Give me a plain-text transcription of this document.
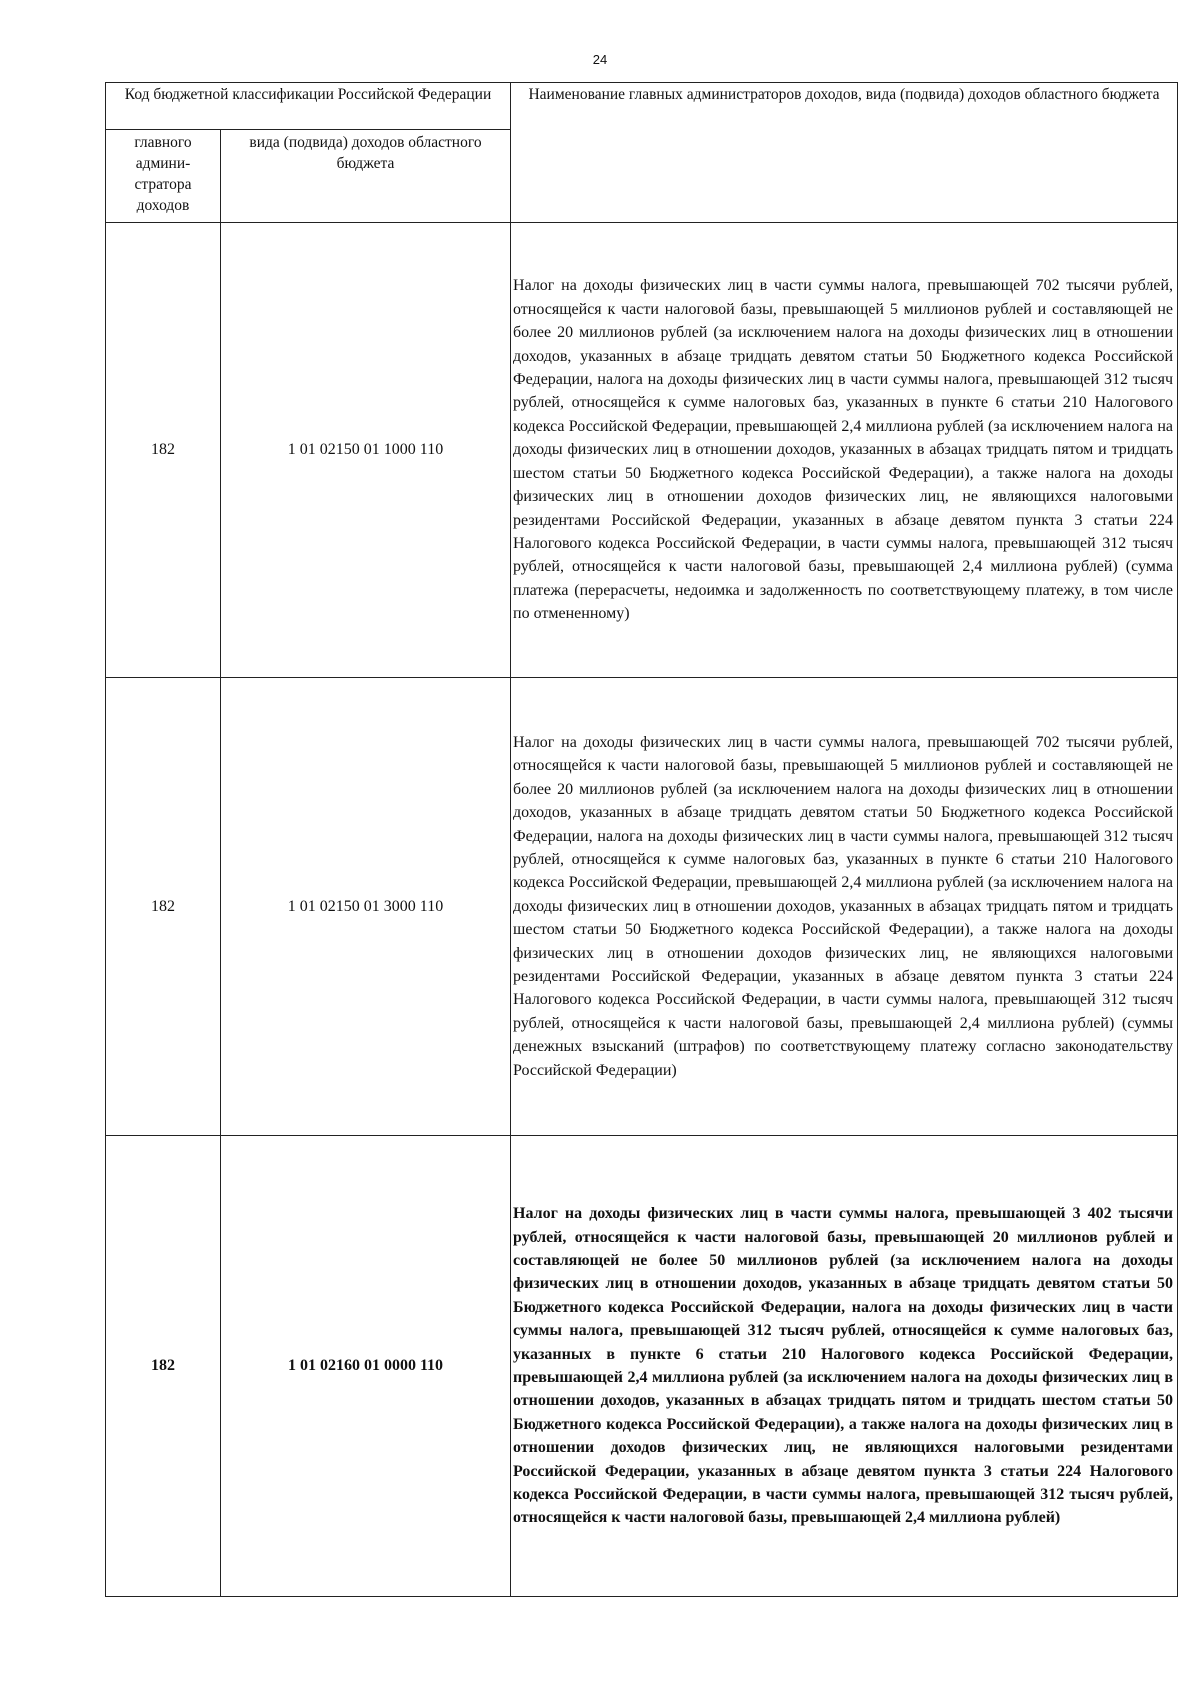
24
Код бюджетной классификации Российской Федерации		Наименование главных администраторов доходов, вида (подвида) доходов областного бюджета
главного админи-стратора доходов	вида (подвида) доходов областного бюджета	
182	1 01 02150 01 1000 110	Налог на доходы физических лиц в части суммы налога, превышающей 702 тысячи рублей, относящейся к части налоговой базы, превышающей 5 миллионов рублей и составляющей не более 20 миллионов рублей (за исключением налога на доходы физических лиц в отношении доходов, указанных в абзаце тридцать девятом статьи 50 Бюджетного кодекса Российской Федерации, налога на доходы физических лиц в части суммы налога, превышающей 312 тысяч рублей, относящейся к сумме налоговых баз, указанных в пункте 6 статьи 210 Налогового кодекса Российской Федерации, превышающей 2,4 миллиона рублей (за исключением налога на доходы физических лиц в отношении доходов, указанных в абзацах тридцать пятом и тридцать шестом статьи 50 Бюджетного кодекса Российской Федерации), а также налога на доходы физических лиц в отношении доходов физических лиц, не являющихся налоговыми резидентами Российской Федерации, указанных в абзаце девятом пункта 3 статьи 224 Налогового кодекса Российской Федерации, в части суммы налога, превышающей 312 тысяч рублей, относящейся к части налоговой базы, превышающей 2,4 миллиона рублей) (сумма платежа (перерасчеты, недоимка и задолженность по соответствующему платежу, в том числе по отмененному)

182	1 01 02150 01 3000 110	Налог на доходы физических лиц в части суммы налога, превышающей 702 тысячи рублей, относящейся к части налоговой базы, превышающей 5 миллионов рублей и составляющей не более 20 миллионов рублей (за исключением налога на доходы физических лиц в отношении доходов, указанных в абзаце тридцать девятом статьи 50 Бюджетного кодекса Российской Федерации, налога на доходы физических лиц в части суммы налога, превышающей 312 тысяч рублей, относящейся к сумме налоговых баз, указанных в пункте 6 статьи 210 Налогового кодекса Российской Федерации, превышающей 2,4 миллиона рублей (за исключением налога на доходы физических лиц в отношении доходов, указанных в абзацах тридцать пятом и тридцать шестом статьи 50 Бюджетного кодекса Российской Федерации), а также налога на доходы физических лиц в отношении доходов физических лиц, не являющихся налоговыми резидентами Российской Федерации, указанных в абзаце девятом пункта 3 статьи 224 Налогового кодекса Российской Федерации, в части суммы налога, превышающей 312 тысяч рублей, относящейся к части налоговой базы, превышающей 2,4 миллиона рублей) (суммы денежных взысканий (штрафов) по соответствующему платежу согласно законодательству Российской Федерации)

182	1 01 02160 01 0000 110	Налог на доходы физических лиц в части суммы налога, превышающей 3 402 тысячи рублей, относящейся к части налоговой базы, превышающей 20 миллионов рублей и составляющей не более 50 миллионов рублей (за исключением налога на доходы физических лиц в отношении доходов, указанных в абзаце тридцать девятом статьи 50 Бюджетного кодекса Российской Федерации, налога на доходы физических лиц в части суммы налога, превышающей 312 тысяч рублей, относящейся к сумме налоговых баз, указанных в пункте 6 статьи 210 Налогового кодекса Российской Федерации, превышающей 2,4 миллиона рублей (за исключением налога на доходы физических лиц в отношении доходов, указанных в абзацах тридцать пятом и тридцать шестом статьи 50 Бюджетного кодекса Российской Федерации), а также налога на доходы физических лиц в отношении доходов физических лиц, не являющихся налоговыми резидентами Российской Федерации, указанных в абзаце девятом пункта 3 статьи 224 Налогового кодекса Российской Федерации, в части суммы налога, превышающей 312 тысяч рублей, относящейся к части налоговой базы, превышающей 2,4 миллиона рублей)
